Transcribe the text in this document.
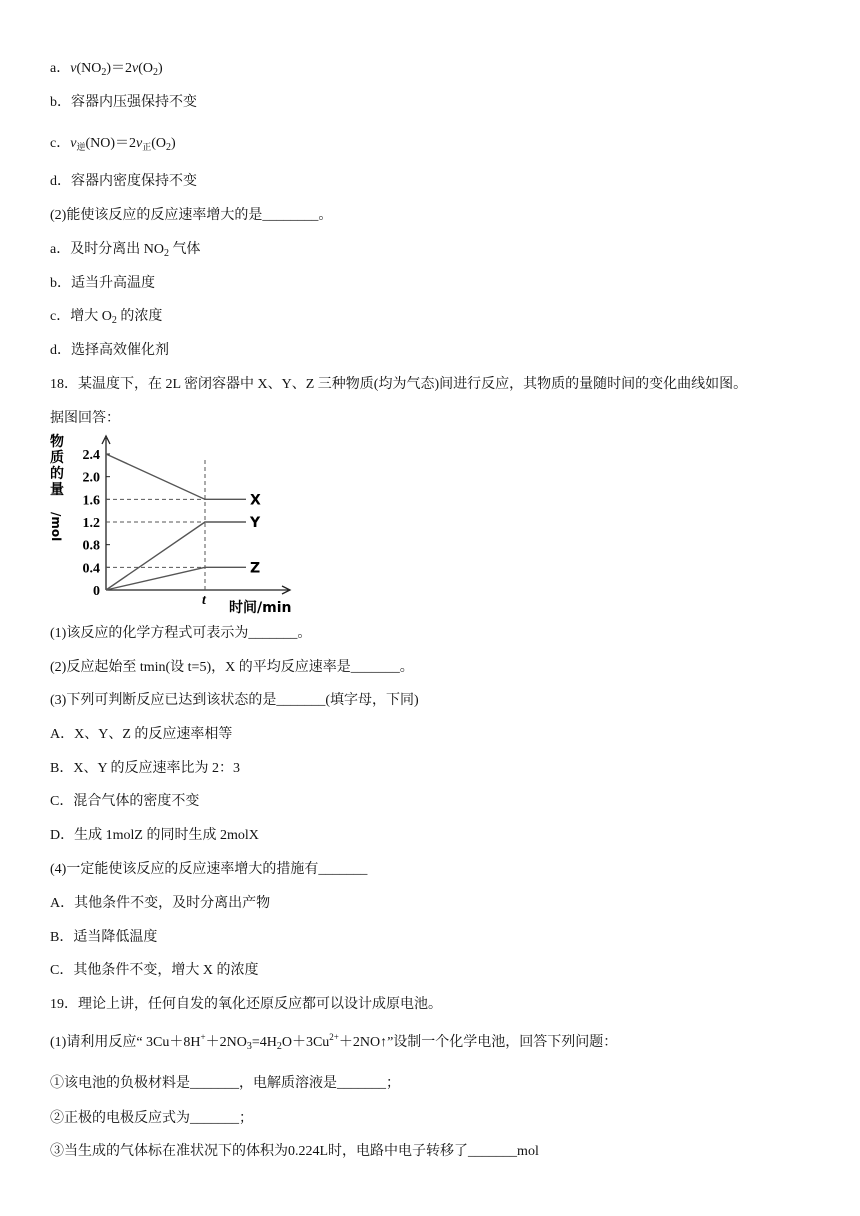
a．$v(NO_2)=2v(O_2)$
b．容器内压强保持不变
c．$v_逆(NO)=2v_正(O_2)$
d．容器内密度保持不变
(2)能使该反应的反应速率增大的是________。
a．及时分离出 $NO_2$ 气体
b．适当升高温度
c．增大 $O_2$ 的浓度
d．选择高效催化剂
18．某温度下，在 2L 密闭容器中 X、Y、Z 三种物质(均为气态)间进行反应，其物质的量随时间的变化曲线如图。
据图回答：
物
质
的
量
/mol
2.4
2.0
1.6
1.2
0.8
0.4
0
t 时间/min
X
Y
Z
(1)该反应的化学方程式可表示为_______。
(2)反应起始至 tmin(设 t=5)，X 的平均反应速率是_______。
(3)下列可判断反应已达到该状态的是_______(填字母，下同)
A．X、Y、Z 的反应速率相等
B．X、Y 的反应速率比为 2：3
C．混合气体的密度不变
D．生成 1molZ 的同时生成 2molX
(4)一定能使该反应的反应速率增大的措施有_______
A．其他条件不变，及时分离出产物
B．适当降低温度
C．其他条件不变，增大 X 的浓度
19．理论上讲，任何自发的氧化还原反应都可以设计成原电池。
(1)请利用反应“ $3Cu+8H^++2NO_3=4H_2O+3Cu^{2+}+2NO↑$”设制一个化学电池，回答下列问题：
①该电池的负极材料是_______，电解质溶液是_______；
②正极的电极反应式为_______；
③当生成的气体标在准状况下的体积为0.224L时，电路中电子转移了_______mol
